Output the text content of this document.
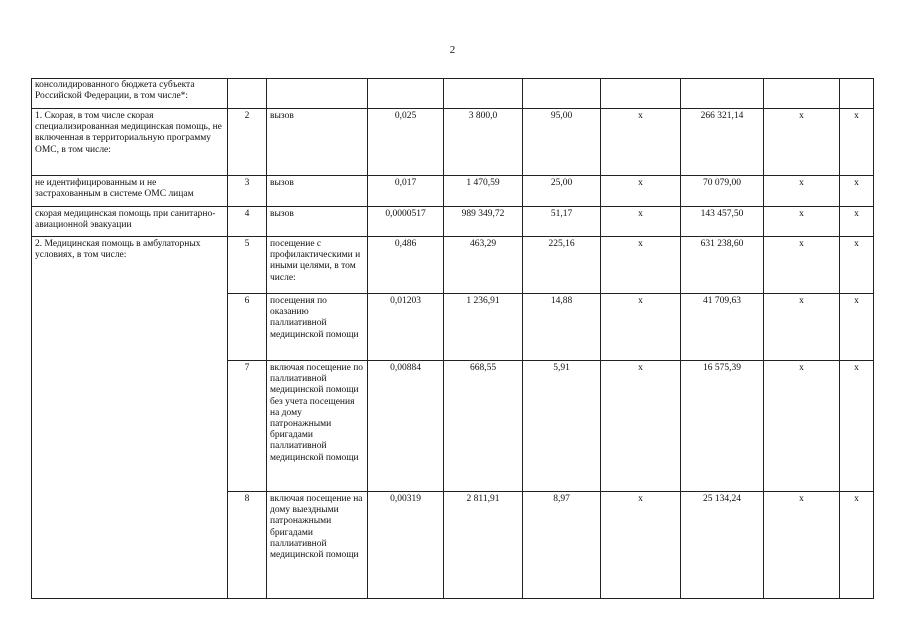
2
консолидированного бюджета субъекта Российской Федерации, в том числе*:									
1. Скорая, в том числе скорая специализированная медицинская помощь, не включенная в территориальную программу ОМС, в том числе:	2	вызов	0,025	3 800,0	95,00	x	266 321,14	x	x
не идентифицированным и не застрахованным в системе ОМС лицам	3	вызов	0,017	1 470,59	25,00	x	70 079,00	x	x
скорая медицинская помощь при санитарно-авиационной эвакуации	4	вызов	0,0000517	989 349,72	51,17	x	143 457,50	x	x
2. Медицинская помощь в амбулаторных условиях, в том числе:	5	посещение с профилактическими и иными целями, в том числе:	0,486	463,29	225,16	x	631 238,60	x	x
	6	посещения по оказанию паллиативной медицинской помощи	0,01203	1 236,91	14,88	x	41 709,63	x	x
	7	включая посещение по паллиативной медицинской помощи без учета посещения на дому патронажными бригадами паллиативной медицинской помощи	0,00884	668,55	5,91	x	16 575,39	x	x
	8	включая посещение на дому выездными патронажными бригадами паллиативной медицинской помощи	0,00319	2 811,91	8,97	x	25 134,24	x	x
